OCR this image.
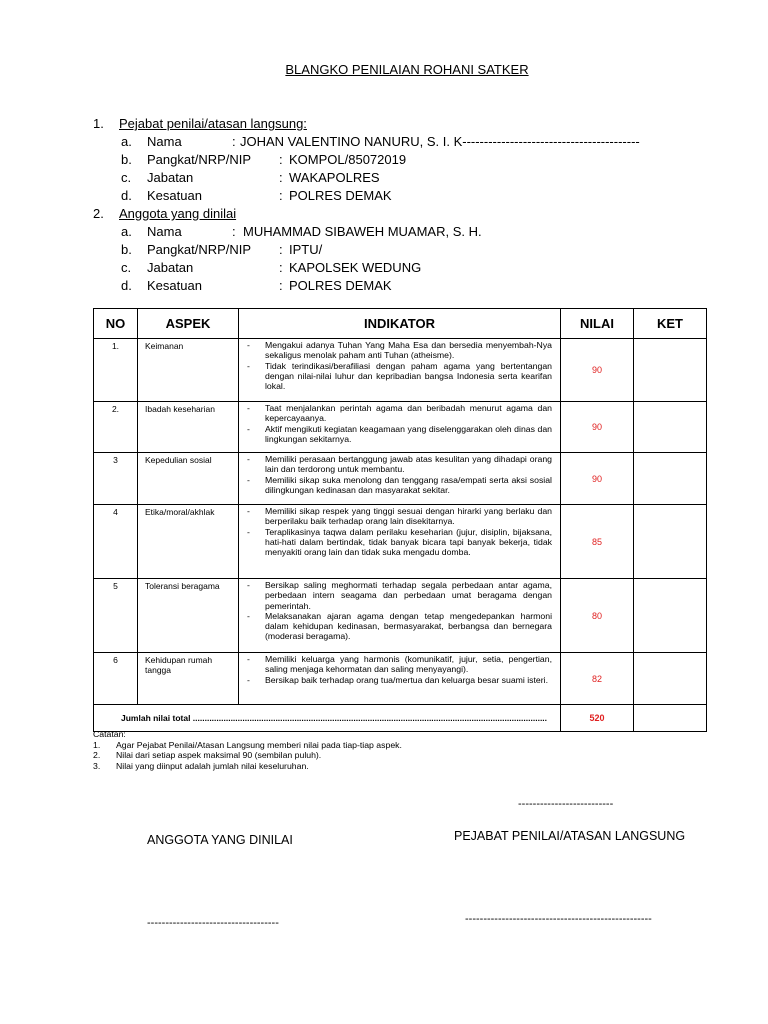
BLANGKO PENILAIAN ROHANI SATKER
1. Pejabat penilai/atasan langsung:
a. Nama	: JOHAN VALENTINO NANURU, S. I. K-----------------------------------------
b. Pangkat/NRP/NIP : KOMPOL/85072019
c. Jabatan	: WAKAPOLRES
d. Kesatuan	: POLRES DEMAK
2. Anggota yang dinilai
a. Nama	: MUHAMMAD SIBAWEH MUAMAR, S. H.
b. Pangkat/NRP/NIP : IPTU/
c. Jabatan	: KAPOLSEK WEDUNG
d. Kesatuan	: POLRES DEMAK
NO	ASPEK	INDIKATOR	NILAI	KET
1.	Keimanan	- Mengakui adanya Tuhan Yang Maha Esa dan bersedia menyembah-Nya sekaligus menolak paham anti Tuhan (atheisme).
- Tidak terindikasi/berafiliasi dengan paham agama yang bertentangan dengan nilai-nilai luhur dan kepribadian bangsa Indonesia serta kearifan lokal.	90	
2.	Ibadah keseharian	- Taat menjalankan perintah agama dan beribadah menurut agama dan kepercayaanya.
- Aktif mengikuti kegiatan keagamaan yang diselenggarakan oleh dinas dan lingkungan sekitarnya.	90	
3	Kepedulian sosial	- Memiliki perasaan bertanggung jawab atas kesulitan yang dihadapi orang lain dan terdorong untuk membantu.
- Memiliki sikap suka menolong dan tenggang rasa/empati serta aksi sosial dilingkungan kedinasan dan masyarakat sekitar.	90	
4	Etika/moral/akhlak	- Memiliki sikap respek yang tinggi sesuai dengan hirarki yang berlaku dan berperilaku baik terhadap orang lain disekitarnya.
- Teraplikasinya taqwa dalam perilaku keseharian (jujur, disiplin, bijaksana, hati-hati dalam bertindak, tidak banyak bicara tapi banyak bekerja, tidak menyakiti orang lain dan tidak suka mengadu domba.	85	
5	Toleransi beragama	- Bersikap saling meghormati terhadap segala perbedaan antar agama, perbedaan intern seagama dan perbedaan umat beragama dengan pemerintah.
- Melaksanakan ajaran agama dengan tetap mengedepankan harmoni dalam kehidupan kedinasan, bermasyarakat, berbangsa dan bernegara (moderasi beragama).	80	
6	Kehidupan rumah tangga	- Memiliki keluarga yang harmonis (komunikatif, jujur, setia, pengertian, saling menjaga kehormatan dan saling menyayangi).
- Bersikap baik terhadap orang tua/mertua dan keluarga besar suami isteri.	82	
Jumlah nilai total ......................................................................................................................................................			520	
Catatan:
1.	Agar Pejabat Penilai/Atasan Langsung memberi nilai pada tiap-tiap aspek.
2.	Nilai dari setiap aspek maksimal 90 (sembilan puluh).
3.	Nilai yang diinput adalah jumlah nilai keseluruhan.
--------------------------
ANGGOTA YANG DINILAI	PEJABAT PENILAI/ATASAN LANGSUNG
------------------------------------	---------------------------------------------------
